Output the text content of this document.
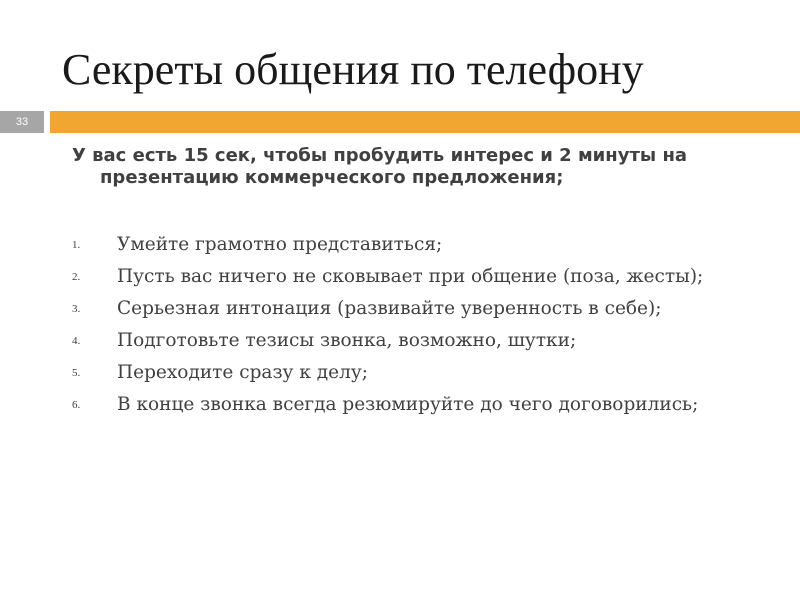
Секреты общения по телефону
33

У вас есть 15 сек, чтобы пробудить интерес и 2 минуты на презентацию коммерческого предложения;

1. Умейте грамотно представиться;
2. Пусть вас ничего не сковывает при общение (поза, жесты);
3. Серьезная интонация (развивайте уверенность в себе);
4. Подготовьте тезисы звонка, возможно, шутки;
5. Переходите сразу к делу;
6. В конце звонка всегда резюмируйте до чего договорились;
